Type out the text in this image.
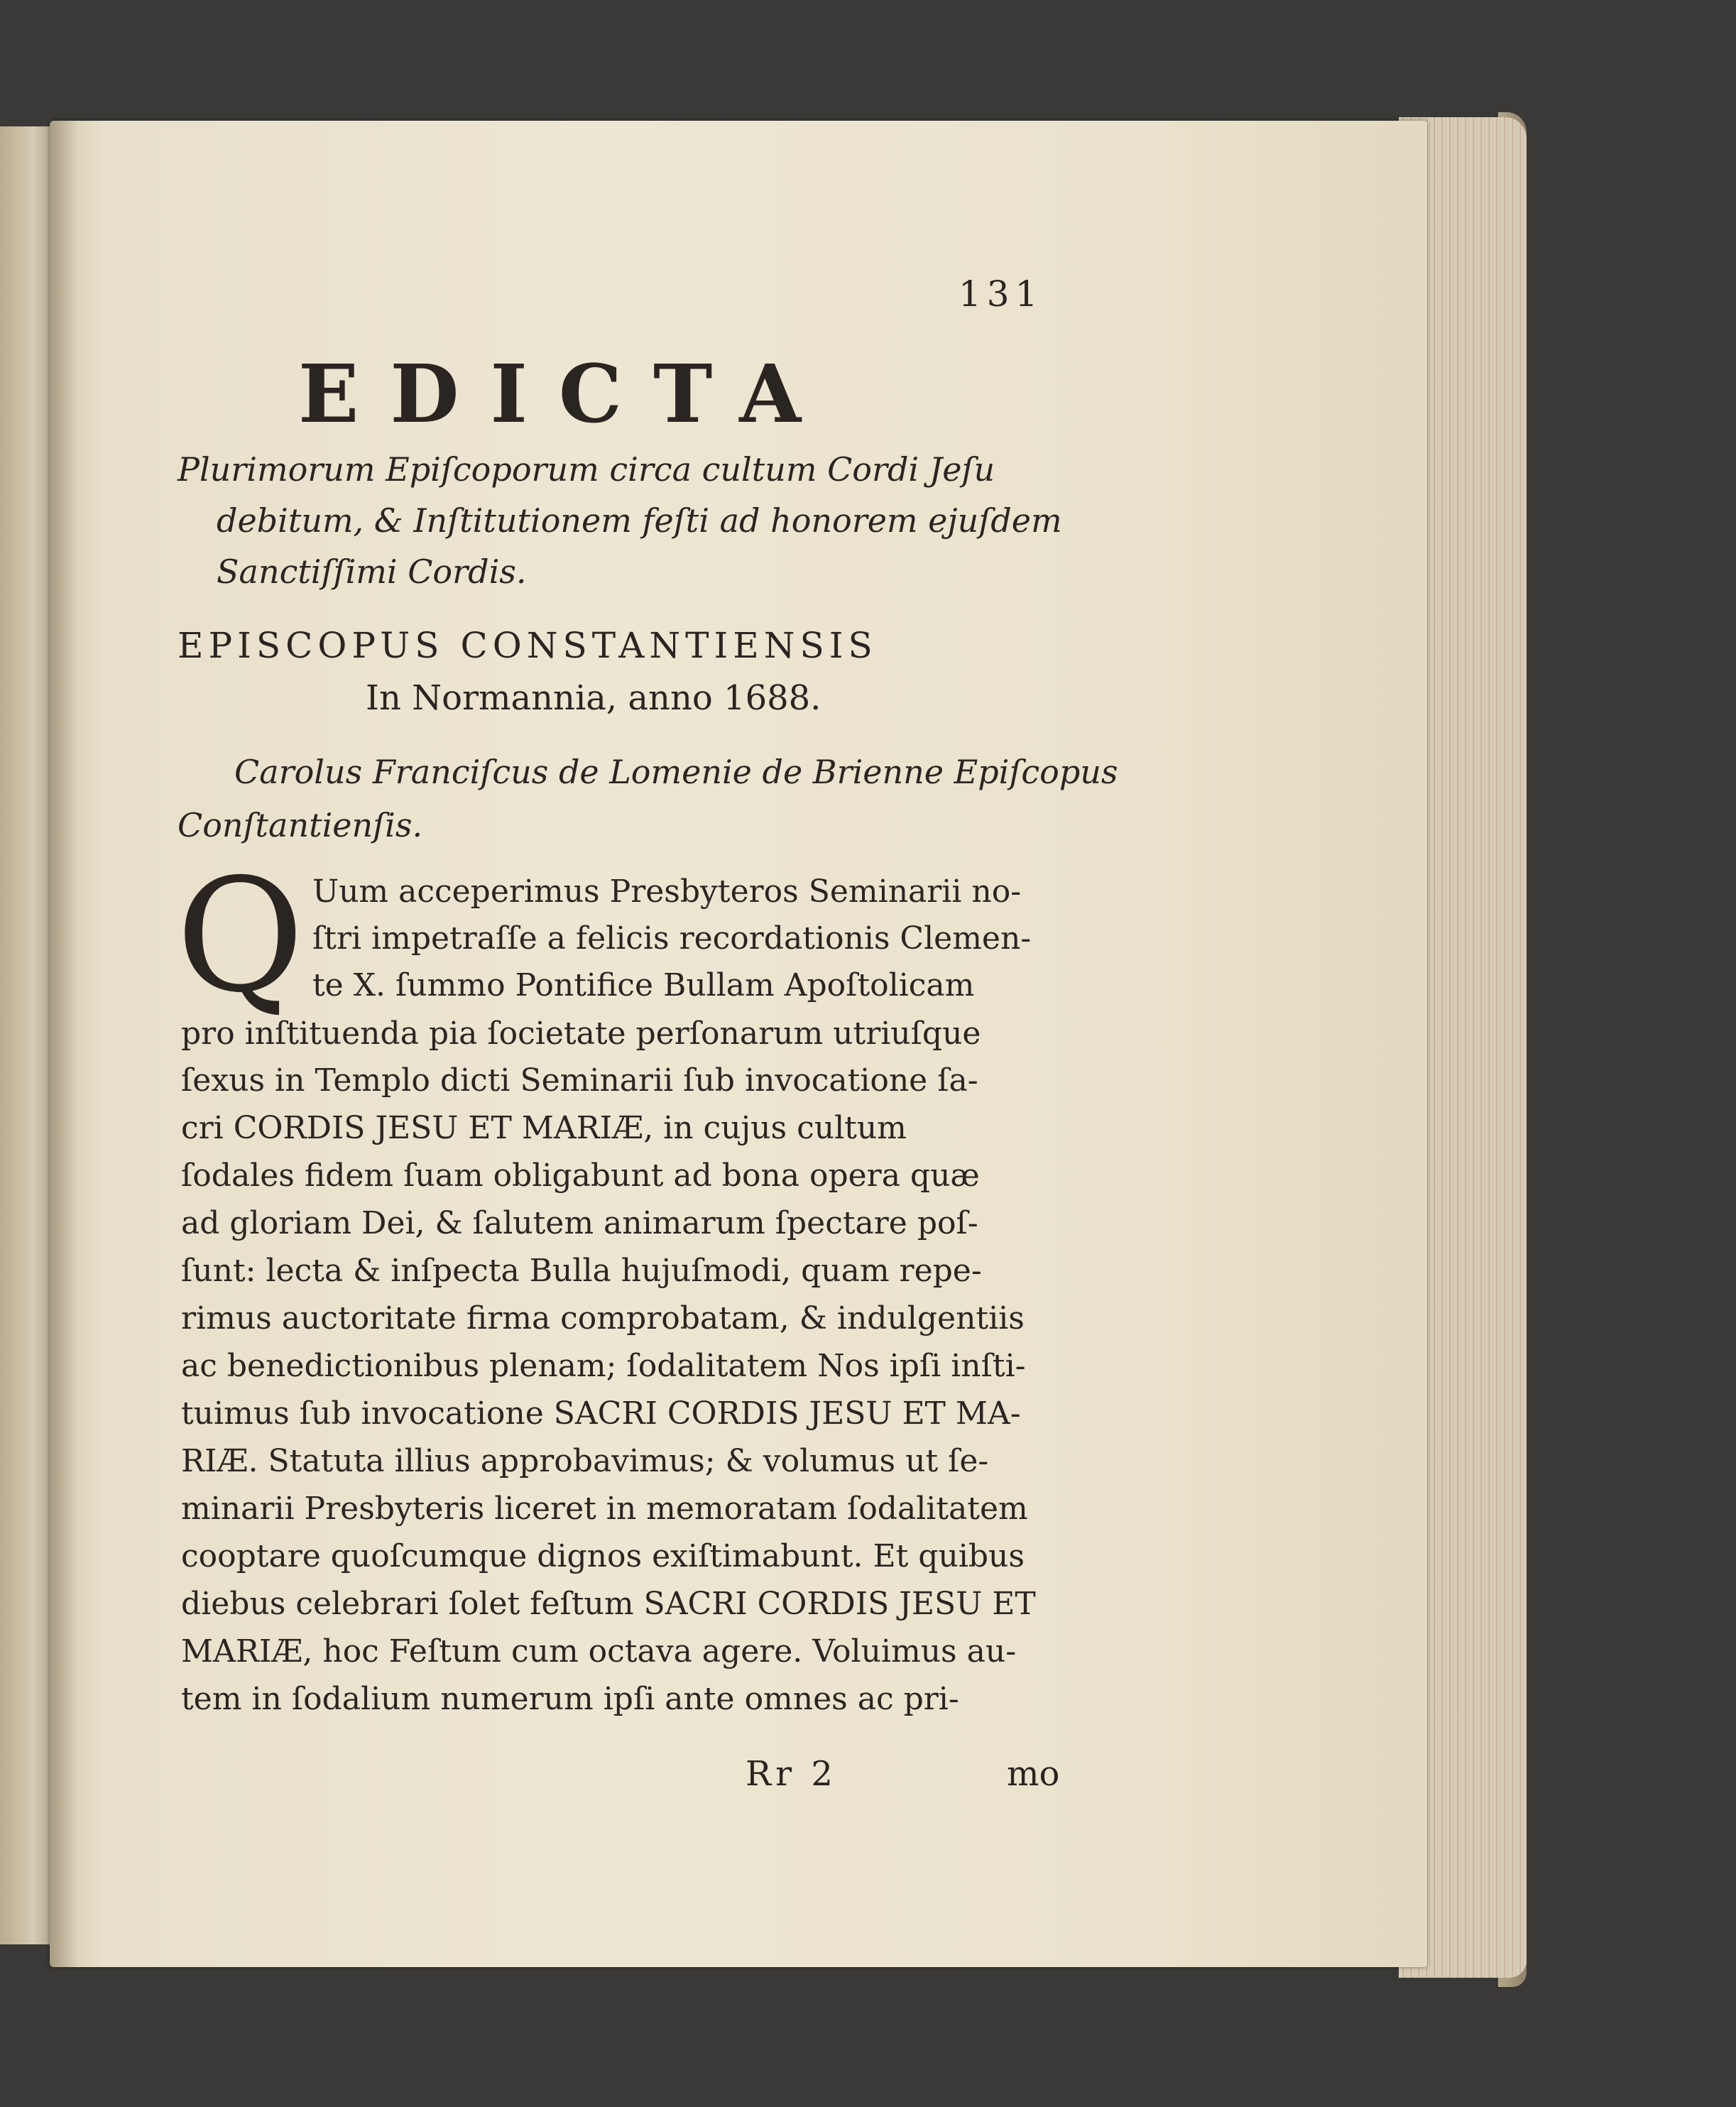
131
EDICTA
Plurimorum Epiſcoporum circa cultum Cordi Jeſu
debitum, & Inſtitutionem feſti ad honorem ejuſdem
Sanctiſſimi Cordis.
EPISCOPUS CONSTANTIENSIS
In Normannia, anno 1688.
Carolus Franciſcus de Lomenie de Brienne Epiſcopus
Conſtantienſis.
Q Uum acceperimus Presbyteros Seminarii no-
ſtri impetraſſe a felicis recordationis Clemen-
te X. ſummo Pontifice Bullam Apoſtolicam
pro inſtituenda pia ſocietate perſonarum utriuſque
ſexus in Templo dicti Seminarii ſub invocatione ſa-
cri CORDIS JESU ET MARIÆ, in cujus cultum
ſodales fidem ſuam obligabunt ad bona opera quæ
ad gloriam Dei, & ſalutem animarum ſpectare poſ-
ſunt: lecta & inſpecta Bulla hujuſmodi, quam repe-
rimus auctoritate firma comprobatam, & indulgentiis
ac benedictionibus plenam; ſodalitatem Nos ipſi inſti-
tuimus ſub invocatione SACRI CORDIS JESU ET MA-
RIÆ. Statuta illius approbavimus; & volumus ut ſe-
minarii Presbyteris liceret in memoratam ſodalitatem
cooptare quoſcumque dignos exiſtimabunt. Et quibus
diebus celebrari ſolet feſtum SACRI CORDIS JESU ET
MARIÆ, hoc Feſtum cum octava agere. Voluimus au-
tem in ſodalium numerum ipſi ante omnes ac pri-
Rr 2	mo
